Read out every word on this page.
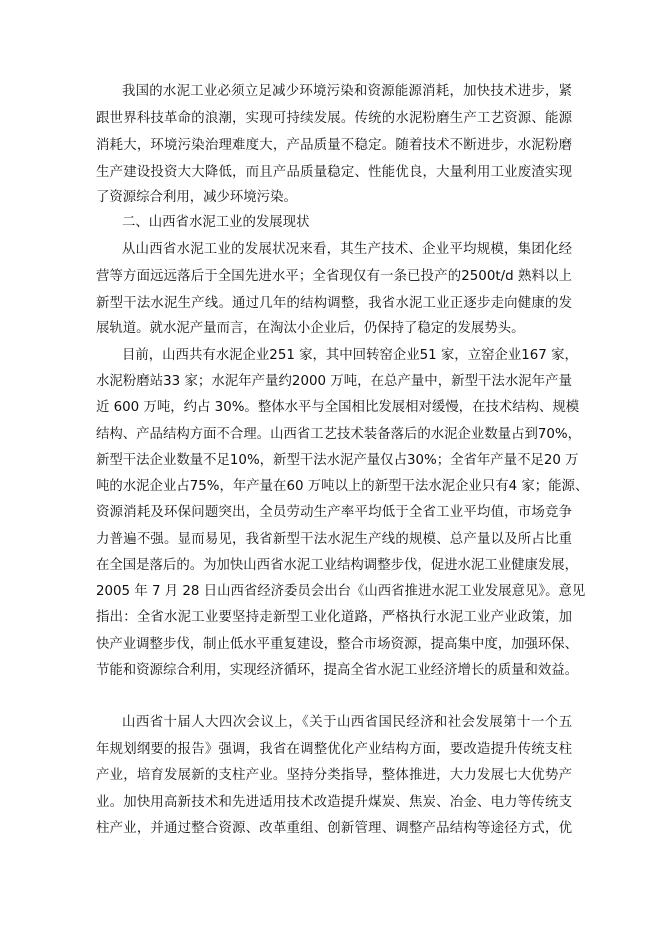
我国的水泥工业必须立足减少环境污染和资源能源消耗，加快技术进步，紧
跟世界科技革命的浪潮，实现可持续发展。传统的水泥粉磨生产工艺资源、能源
消耗大，环境污染治理难度大，产品质量不稳定。随着技术不断进步，水泥粉磨
生产建设投资大大降低，而且产品质量稳定、性能优良，大量利用工业废渣实现
了资源综合利用，减少环境污染。
二、山西省水泥工业的发展现状
从山西省水泥工业的发展状况来看，其生产技术、企业平均规模，集团化经
营等方面远远落后于全国先进水平；全省现仅有一条已投产的2500t/d 熟料以上
新型干法水泥生产线。通过几年的结构调整，我省水泥工业正逐步走向健康的发
展轨道。就水泥产量而言，在淘汰小企业后，仍保持了稳定的发展势头。
目前，山西共有水泥企业251 家，其中回转窑企业51 家，立窑企业167 家，
水泥粉磨站33 家；水泥年产量约2000 万吨，在总产量中，新型干法水泥年产量
近 600 万吨，约占 30%。整体水平与全国相比发展相对缓慢，在技术结构、规模
结构、产品结构方面不合理。山西省工艺技术装备落后的水泥企业数量占到70%，
新型干法企业数量不足10%，新型干法水泥产量仅占30%；全省年产量不足20 万
吨的水泥企业占75%，年产量在60 万吨以上的新型干法水泥企业只有4 家；能源、
资源消耗及环保问题突出，全员劳动生产率平均低于全省工业平均值，市场竞争
力普遍不强。显而易见，我省新型干法水泥生产线的规模、总产量以及所占比重
在全国是落后的。为加快山西省水泥工业结构调整步伐，促进水泥工业健康发展，
2005 年 7 月 28 日山西省经济委员会出台《山西省推进水泥工业发展意见》。意见
指出：全省水泥工业要坚持走新型工业化道路，严格执行水泥工业产业政策，加
快产业调整步伐，制止低水平重复建设，整合市场资源，提高集中度，加强环保、
节能和资源综合利用，实现经济循环，提高全省水泥工业经济增长的质量和效益。
山西省十届人大四次会议上，《关于山西省国民经济和社会发展第十一个五
年规划纲要的报告》强调，我省在调整优化产业结构方面，要改造提升传统支柱
产业，培育发展新的支柱产业。坚持分类指导，整体推进，大力发展七大优势产
业。加快用高新技术和先进适用技术改造提升煤炭、焦炭、冶金、电力等传统支
柱产业，并通过整合资源、改革重组、创新管理、调整产品结构等途径方式，优
